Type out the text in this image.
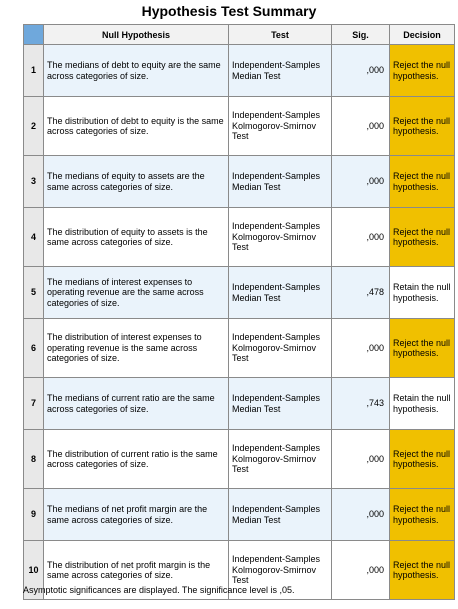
Hypothesis Test Summary
	Null Hypothesis	Test	Sig.	Decision
1	The medians of debt to equity are the same across categories of size.	Independent-Samples Median Test	,000	Reject the null hypothesis.
2	The distribution of debt to equity is the same across categories of size.	Independent-Samples Kolmogorov-Smirnov Test	,000	Reject the null hypothesis.
3	The medians of equity to assets are the same across categories of size.	Independent-Samples Median Test	,000	Reject the null hypothesis.
4	The distribution of equity to assets is the same across categories of size.	Independent-Samples Kolmogorov-Smirnov Test	,000	Reject the null hypothesis.
5	The medians of interest expenses to operating revenue are the same across categories of size.	Independent-Samples Median Test	,478	Retain the null hypothesis.
6	The distribution of interest expenses to operating revenue is the same across categories of size.	Independent-Samples Kolmogorov-Smirnov Test	,000	Reject the null hypothesis.
7	The medians of current ratio are the same across categories of size.	Independent-Samples Median Test	,743	Retain the null hypothesis.
8	The distribution of current ratio is the same across categories of size.	Independent-Samples Kolmogorov-Smirnov Test	,000	Reject the null hypothesis.
9	The medians of net profit margin are the same across categories of size.	Independent-Samples Median Test	,000	Reject the null hypothesis.
10	The distribution of net profit margin is the same across categories of size.	Independent-Samples Kolmogorov-Smirnov Test	,000	Reject the null hypothesis.
Asymptotic significances are displayed. The significance level is ,05.
